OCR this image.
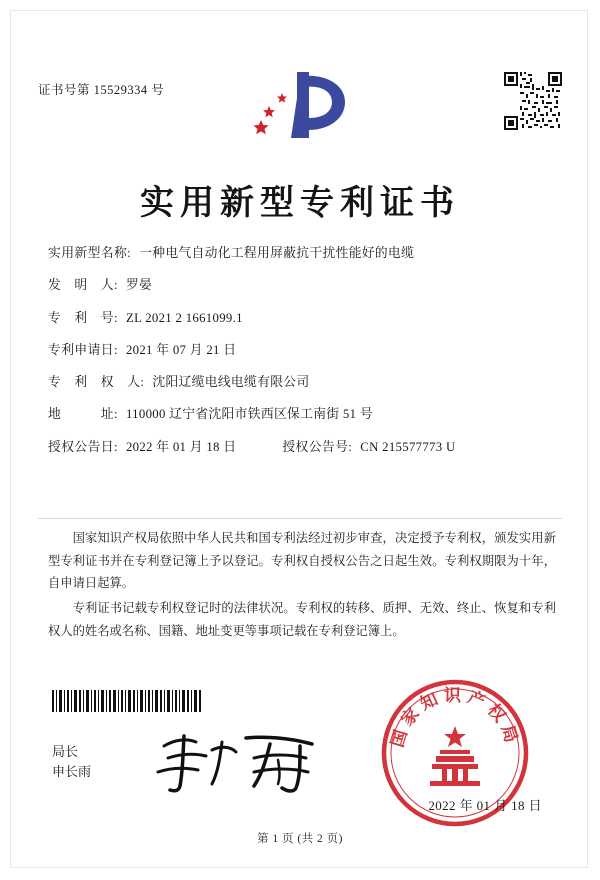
证书号第 15529334 号
实用新型专利证书
实用新型名称: 一种电气自动化工程用屏蔽抗干扰性能好的电缆
发　明　人: 罗晏
专　利　号: ZL 2021 2 1661099.1
专利申请日: 2021 年 07 月 21 日
专　利　权　人: 沈阳辽缆电线电缆有限公司
地　　　址: 110000 辽宁省沈阳市铁西区保工南街 51 号
授权公告日: 2022 年 01 月 18 日	授权公告号: CN 215577773 U

国家知识产权局依照中华人民共和国专利法经过初步审查，决定授予专利权，颁发实用新型专利证书并在专利登记簿上予以登记。专利权自授权公告之日起生效。专利权期限为十年，自申请日起算。

专利证书记载专利权登记时的法律状况。专利权的转移、质押、无效、终止、恢复和专利权人的姓名或名称、国籍、地址变更等事项记载在专利登记簿上。

局长
申长雨
国家知识产权局
2022 年 01 月 18 日
第 1 页 (共 2 页)
